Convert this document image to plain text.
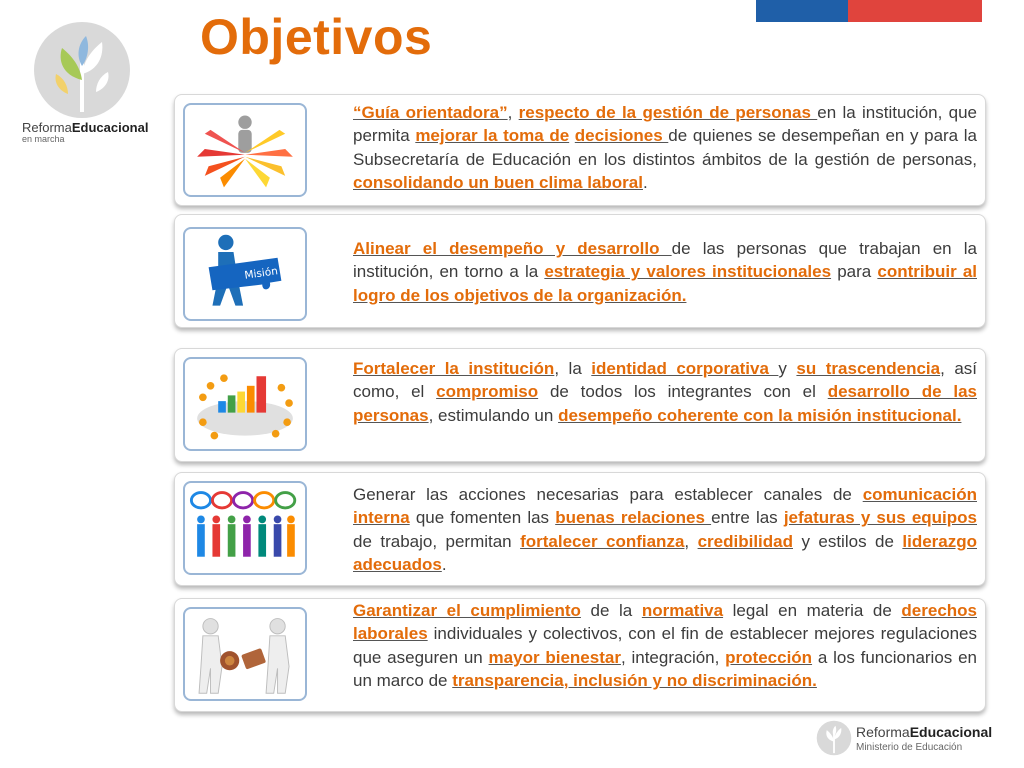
ReformaEducacional
en marcha
Objetivos
“Guía orientadora”, respecto de la gestión de personas en la institución, que permita mejorar la toma de decisiones de quienes se desempeñan en y para la Subsecretaría de Educación en los distintos ámbitos de la gestión de personas, consolidando un buen clima laboral.
Misión
Alinear el desempeño y desarrollo de las personas que trabajan en la institución, en torno a la estrategia y valores institucionales para contribuir al logro de los objetivos de la organización.
Fortalecer la institución, la identidad corporativa y su trascendencia, así como, el compromiso de todos los integrantes con el desarrollo de las personas, estimulando un desempeño coherente con la misión institucional.
Generar las acciones necesarias para establecer canales de comunicación interna que fomenten las buenas relaciones entre las jefaturas y sus equipos de trabajo, permitan fortalecer confianza, credibilidad y estilos de liderazgo adecuados.
Garantizar el cumplimiento de la normativa legal en materia de derechos laborales individuales y colectivos, con el fin de establecer mejores regulaciones que aseguren un mayor bienestar, integración, protección a los funcionarios en un marco de transparencia, inclusión y no discriminación.
ReformaEducacional
Ministerio de Educación
